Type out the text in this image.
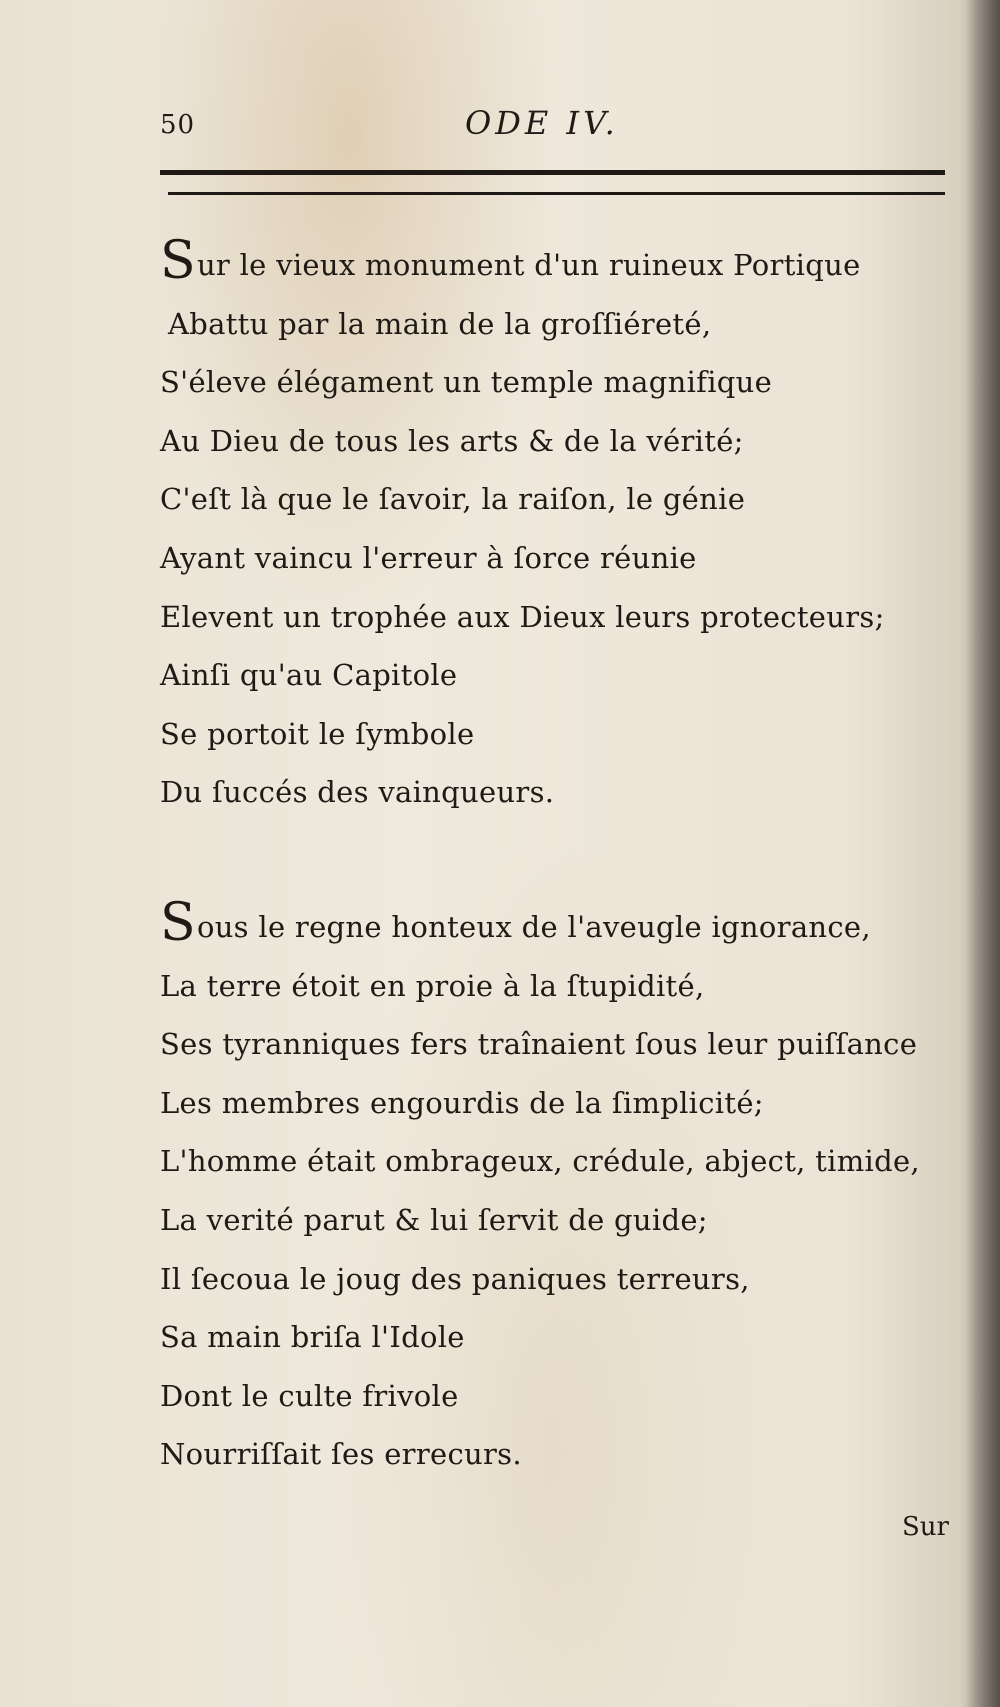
50	ODE IV.
Sur le vieux monument d'un ruineux Portique
Abattu par la main de la groſſiéreté,
S'éleve élégament un temple magnifique
Au Dieu de tous les arts & de la vérité;
C'eſt là que le ſavoir, la raiſon, le génie
Ayant vaincu l'erreur à ſorce réunie
Elevent un trophée aux Dieux leurs protecteurs;
Ainſi qu'au Capitole
Se portoit le ſymbole
Du ſuccés des vainqueurs.
Sous le regne honteux de l'aveugle ignorance,
La terre étoit en proie à la ſtupidité,
Ses tyranniques fers traînaient ſous leur puiſſance
Les membres engourdis de la ſimplicité;
L'homme était ombrageux, crédule, abject, timide,
La verité parut & lui ſervit de guide;
Il ſecoua le joug des paniques terreurs,
Sa main briſa l'Idole
Dont le culte frivole
Nourriſſait ſes errecurs.
Sur
